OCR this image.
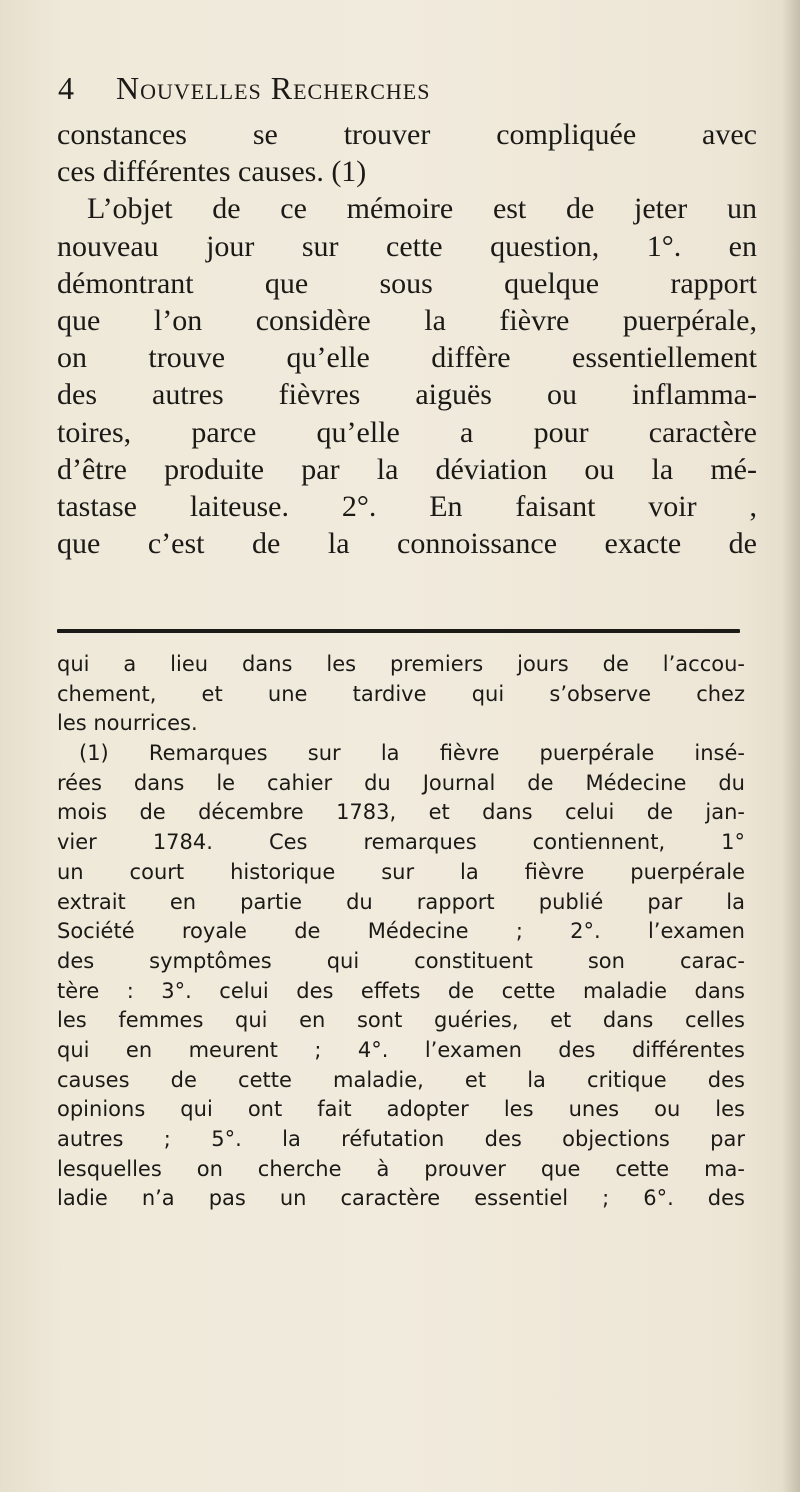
4 Nouvelles Recherches
constances se trouver compliquée avec
ces différentes causes. (1)
L’objet de ce mémoire est de jeter un
nouveau jour sur cette question, 1°. en
démontrant que sous quelque rapport
que l’on considère la fièvre puerpérale,
on trouve qu’elle diffère essentiellement
des autres fièvres aiguës ou inflamma-
toires, parce qu’elle a pour caractère
d’être produite par la déviation ou la mé-
tastase laiteuse. 2°. En faisant voir ,
que c’est de la connoissance exacte de
qui a lieu dans les premiers jours de l’accou-
chement, et une tardive qui s’observe chez
les nourrices.
(1) Remarques sur la fièvre puerpérale insé-
rées dans le cahier du Journal de Médecine du
mois de décembre 1783, et dans celui de jan-
vier 1784. Ces remarques contiennent, 1°
un court historique sur la fièvre puerpérale
extrait en partie du rapport publié par la
Société royale de Médecine ; 2°. l’examen
des symptômes qui constituent son carac-
tère : 3°. celui des effets de cette maladie dans
les femmes qui en sont guéries, et dans celles
qui en meurent ; 4°. l’examen des différentes
causes de cette maladie, et la critique des
opinions qui ont fait adopter les unes ou les
autres ; 5°. la réfutation des objections par
lesquelles on cherche à prouver que cette ma-
ladie n’a pas un caractère essentiel ; 6°. des
